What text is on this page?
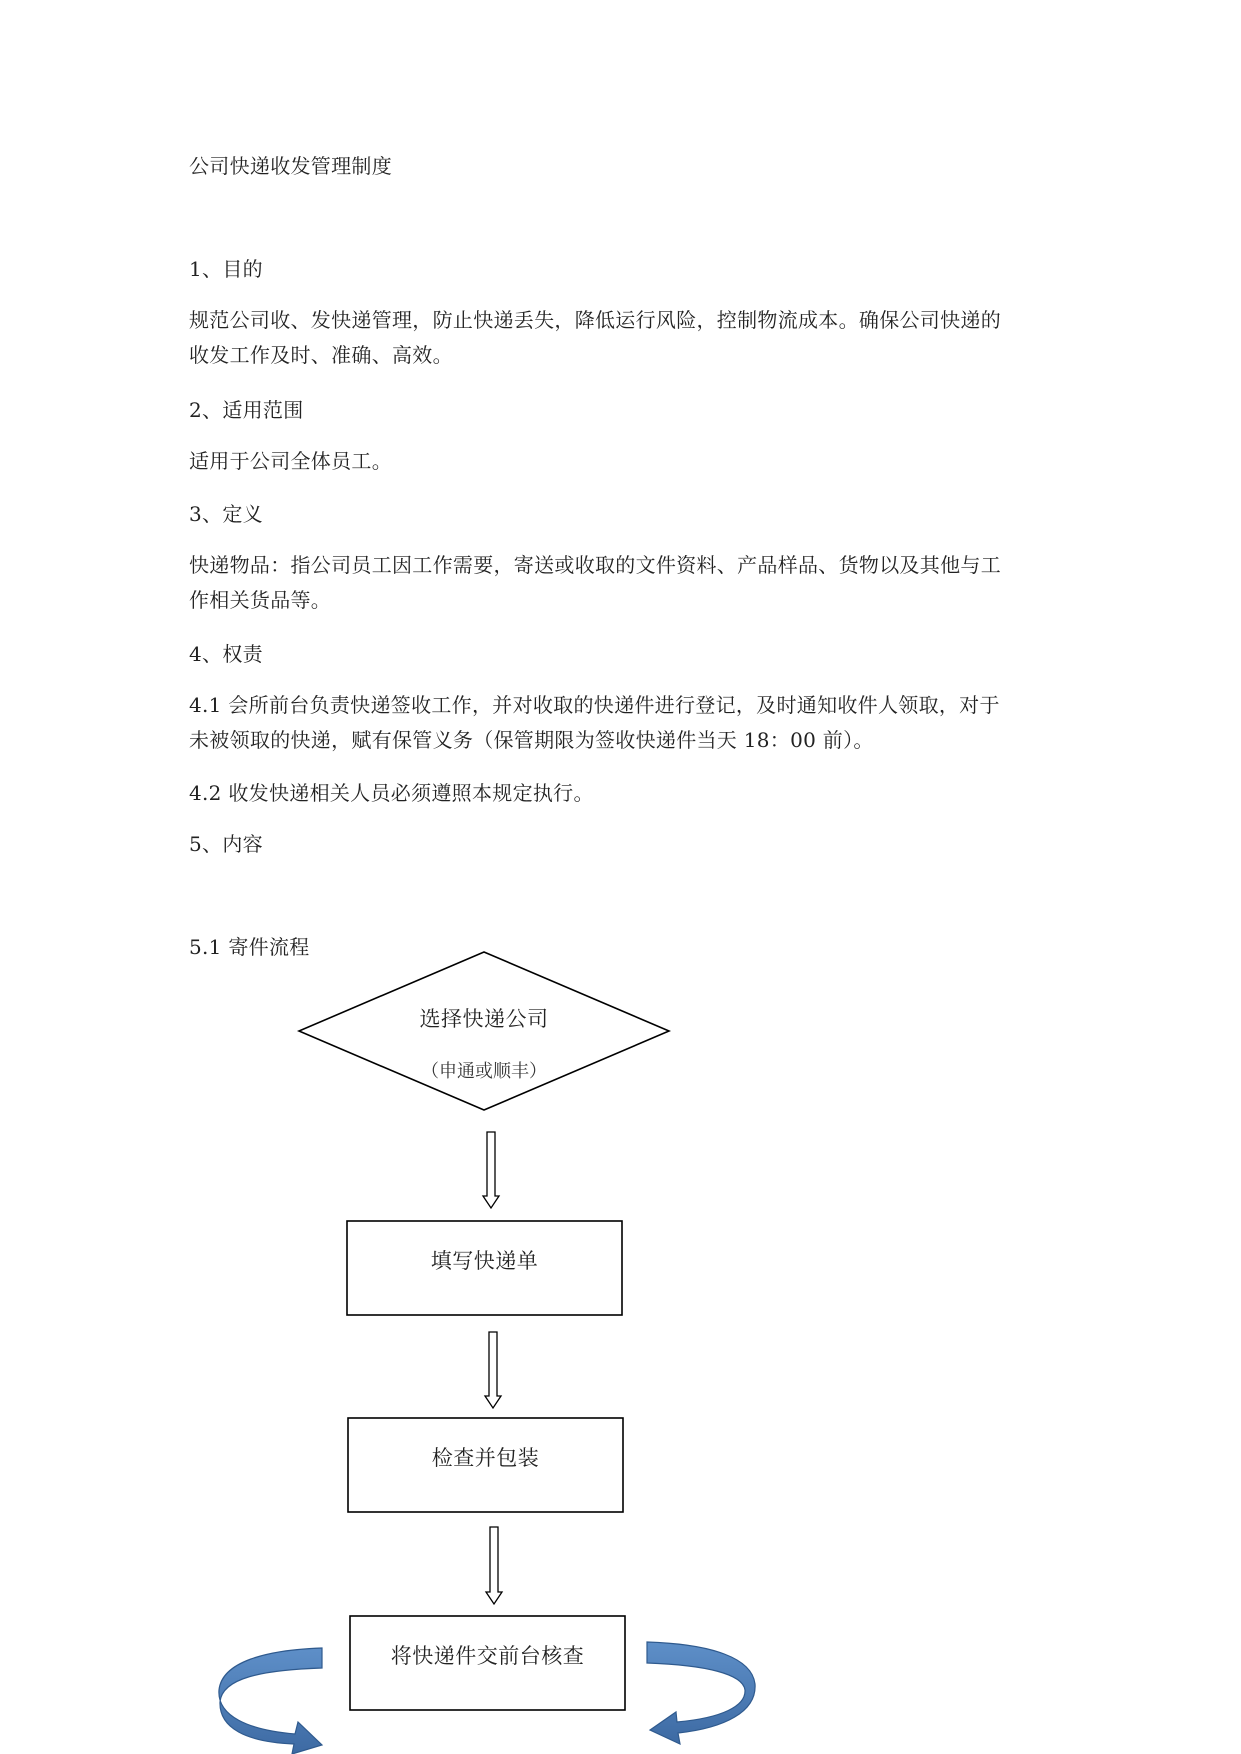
公司快递收发管理制度
1、目的
规范公司收、发快递管理，防止快递丢失，降低运行风险，控制物流成本。确保公司快递的
收发工作及时、准确、高效。
2、适用范围
适用于公司全体员工。
3、定义
快递物品：指公司员工因工作需要，寄送或收取的文件资料、产品样品、货物以及其他与工
作相关货品等。
4、权责
4.1 会所前台负责快递签收工作，并对收取的快递件进行登记，及时通知收件人领取，对于
未被领取的快递，赋有保管义务（保管期限为签收快递件当天 18：00 前）。
4.2 收发快递相关人员必须遵照本规定执行。
5、内容
5.1 寄件流程
选择快递公司
填写快递单
检查并包装
将快递件交前台核查
